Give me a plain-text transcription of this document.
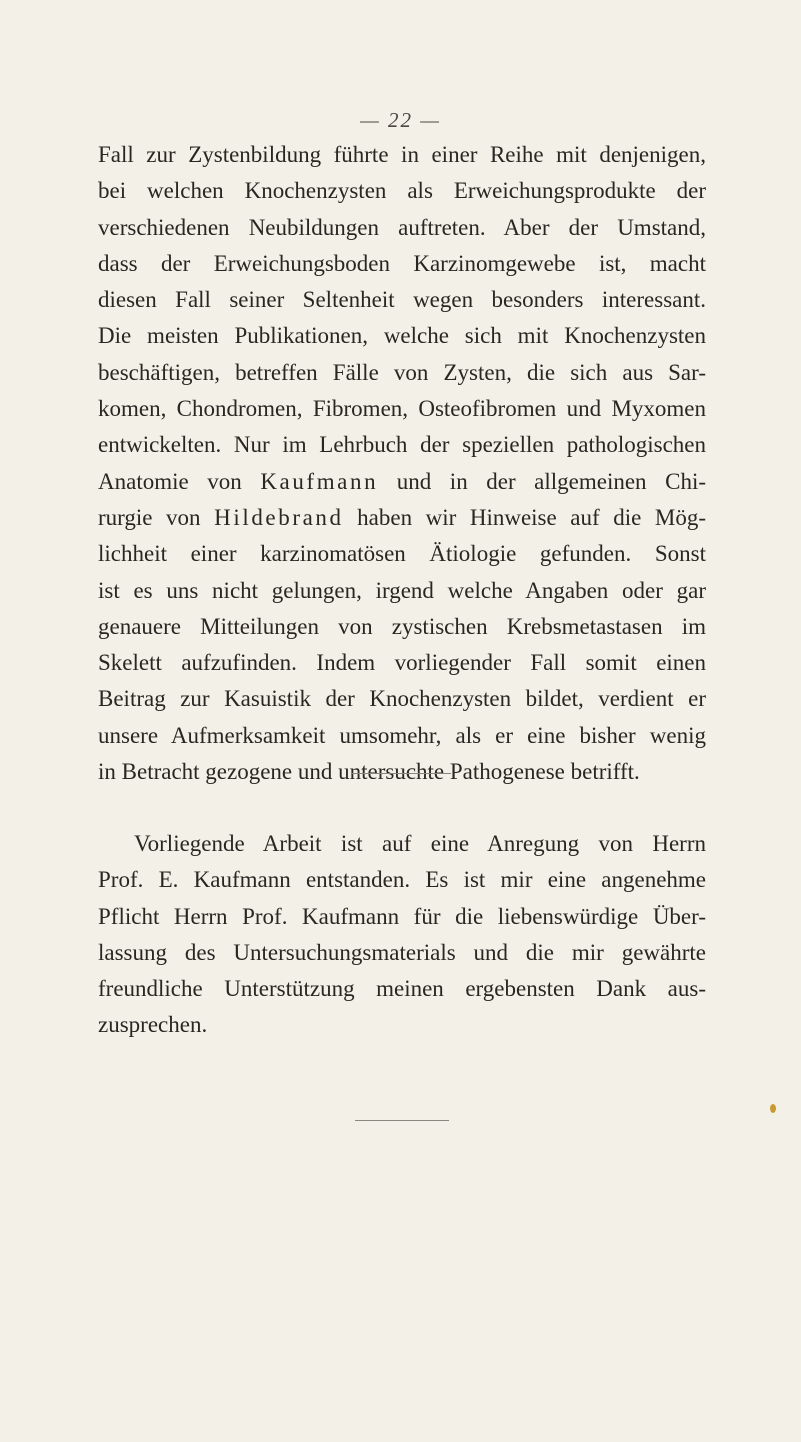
— 22 —

Fall zur Zystenbildung führte in einer Reihe mit denjenigen,
bei welchen Knochenzysten als Erweichungsprodukte der
verschiedenen Neubildungen auftreten. Aber der Umstand,
dass der Erweichungsboden Karzinomgewebe ist, macht
diesen Fall seiner Seltenheit wegen besonders interessant.
Die meisten Publikationen, welche sich mit Knochenzysten
beschäftigen, betreffen Fälle von Zysten, die sich aus Sar-
komen, Chondromen, Fibromen, Osteofibromen und Myxomen
entwickelten. Nur im Lehrbuch der speziellen pathologischen
Anatomie von Kaufmann und in der allgemeinen Chi-
rurgie von Hildebrand haben wir Hinweise auf die Mög-
lichheit einer karzinomatösen Ätiologie gefunden. Sonst
ist es uns nicht gelungen, irgend welche Angaben oder gar
genauere Mitteilungen von zystischen Krebsmetastasen im
Skelett aufzufinden. Indem vorliegender Fall somit einen
Beitrag zur Kasuistik der Knochenzysten bildet, verdient er
unsere Aufmerksamkeit umsomehr, als er eine bisher wenig
in Betracht gezogene und untersuchte Pathogenese betrifft.

Vorliegende Arbeit ist auf eine Anregung von Herrn
Prof. E. Kaufmann entstanden. Es ist mir eine angenehme
Pflicht Herrn Prof. Kaufmann für die liebenswürdige Über-
lassung des Untersuchungsmaterials und die mir gewährte
freundliche Unterstützung meinen ergebensten Dank aus-
zusprechen.
